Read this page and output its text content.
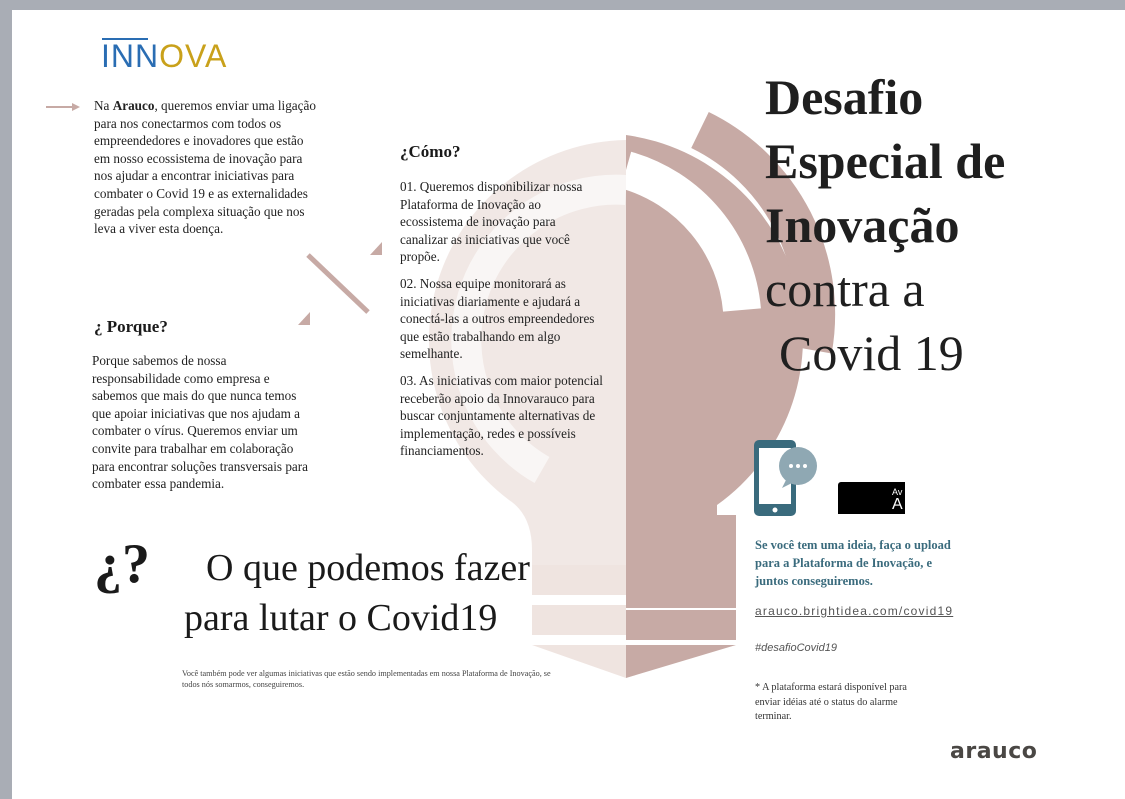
INNOVA
Na Arauco, queremos enviar uma ligação para nos conectarmos com todos os empreendedores e inovadores que estão em nosso ecossistema de inovação para nos ajudar a encontrar iniciativas para combater o Covid 19 e as externalidades geradas pela complexa situação que nos leva a viver esta doença.
¿ Porque?
Porque sabemos de nossa responsabilidade como empresa e sabemos que mais do que nunca temos que apoiar iniciativas que nos ajudam a combater o vírus. Queremos enviar um convite para trabalhar em colaboração para encontrar soluções transversais para combater essa pandemia.
¿Cómo?

01. Queremos disponibilizar nossa Plataforma de Inovação ao ecossistema de inovação para canalizar as iniciativas que você propõe.

02. Nossa equipe monitorará as iniciativas diariamente e ajudará a conectá-las a outros empreendedores que estão trabalhando em algo semelhante.

03. As iniciativas com maior potencial receberão apoio da Innovarauco para buscar conjuntamente alternativas de implementação, redes e possíveis financiamentos.

Desafio
Especial de
Inovação
contra a
Covid 19
¿?	O que podemos fazer
para lutar o Covid19
Você também pode ver algumas iniciativas que estão sendo implementadas em nossa Plataforma de Inovação, se todos nós somarmos, conseguiremos.
Av
A
Se você tem uma ideia, faça o upload para a Plataforma de Inovação, e juntos conseguiremos.
arauco.brightidea.com/covid19
#desafioCovid19
* A plataforma estará disponível para enviar idéias até o status do alarme terminar.
arauco
